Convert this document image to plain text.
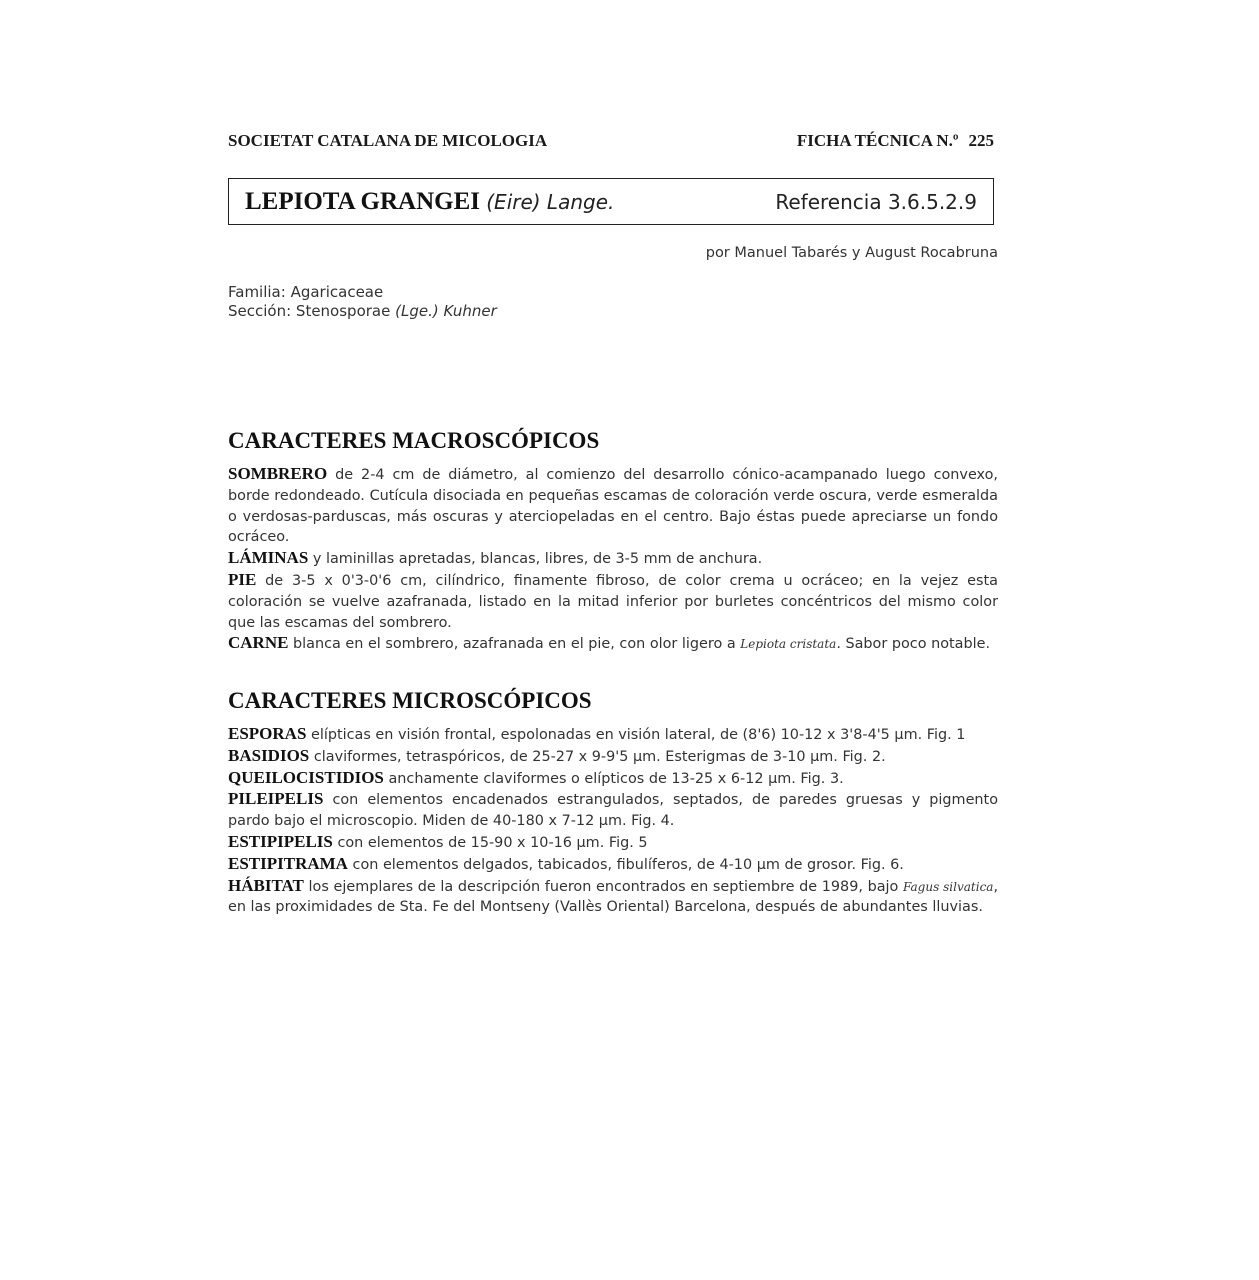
SOCIETAT CATALANA DE MICOLOGIA	FICHA TÉCNICA N.º 225
LEPIOTA GRANGEI (Eire) Lange.	Referencia 3.6.5.2.9
por Manuel Tabarés y August Rocabruna
Familia: Agaricaceae
Sección: Stenosporae (Lge.) Kuhner
CARACTERES MACROSCÓPICOS

SOMBRERO de 2-4 cm de diámetro, al comienzo del desarrollo cónico-acampanado luego convexo, borde redondeado. Cutícula disociada en pequeñas escamas de coloración verde oscura, verde esmeralda o verdosas-parduscas, más oscuras y aterciopeladas en el centro. Bajo éstas puede apreciarse un fondo ocráceo.

LÁMINAS y laminillas apretadas, blancas, libres, de 3-5 mm de anchura.

PIE de 3-5 x 0'3-0'6 cm, cilíndrico, finamente fibroso, de color crema u ocráceo; en la vejez esta coloración se vuelve azafranada, listado en la mitad inferior por burletes concéntricos del mismo color que las escamas del sombrero.

CARNE blanca en el sombrero, azafranada en el pie, con olor ligero a Lepiota cristata. Sabor poco notable.

CARACTERES MICROSCÓPICOS

ESPORAS elípticas en visión frontal, espolonadas en visión lateral, de (8'6) 10-12 x 3'8-4'5 μm. Fig. 1

BASIDIOS claviformes, tetraspóricos, de 25-27 x 9-9'5 μm. Esterigmas de 3-10 μm. Fig. 2.

QUEILOCISTIDIOS anchamente claviformes o elípticos de 13-25 x 6-12 μm. Fig. 3.

PILEIPELIS con elementos encadenados estrangulados, septados, de paredes gruesas y pigmento pardo bajo el microscopio. Miden de 40-180 x 7-12 μm. Fig. 4.

ESTIPIPELIS con elementos de 15-90 x 10-16 μm. Fig. 5

ESTIPITRAMA con elementos delgados, tabicados, fibulíferos, de 4-10 μm de grosor. Fig. 6.

HÁBITAT los ejemplares de la descripción fueron encontrados en septiembre de 1989, bajo Fagus silvatica, en las proximidades de Sta. Fe del Montseny (Vallès Oriental) Barcelona, después de abundantes lluvias.
